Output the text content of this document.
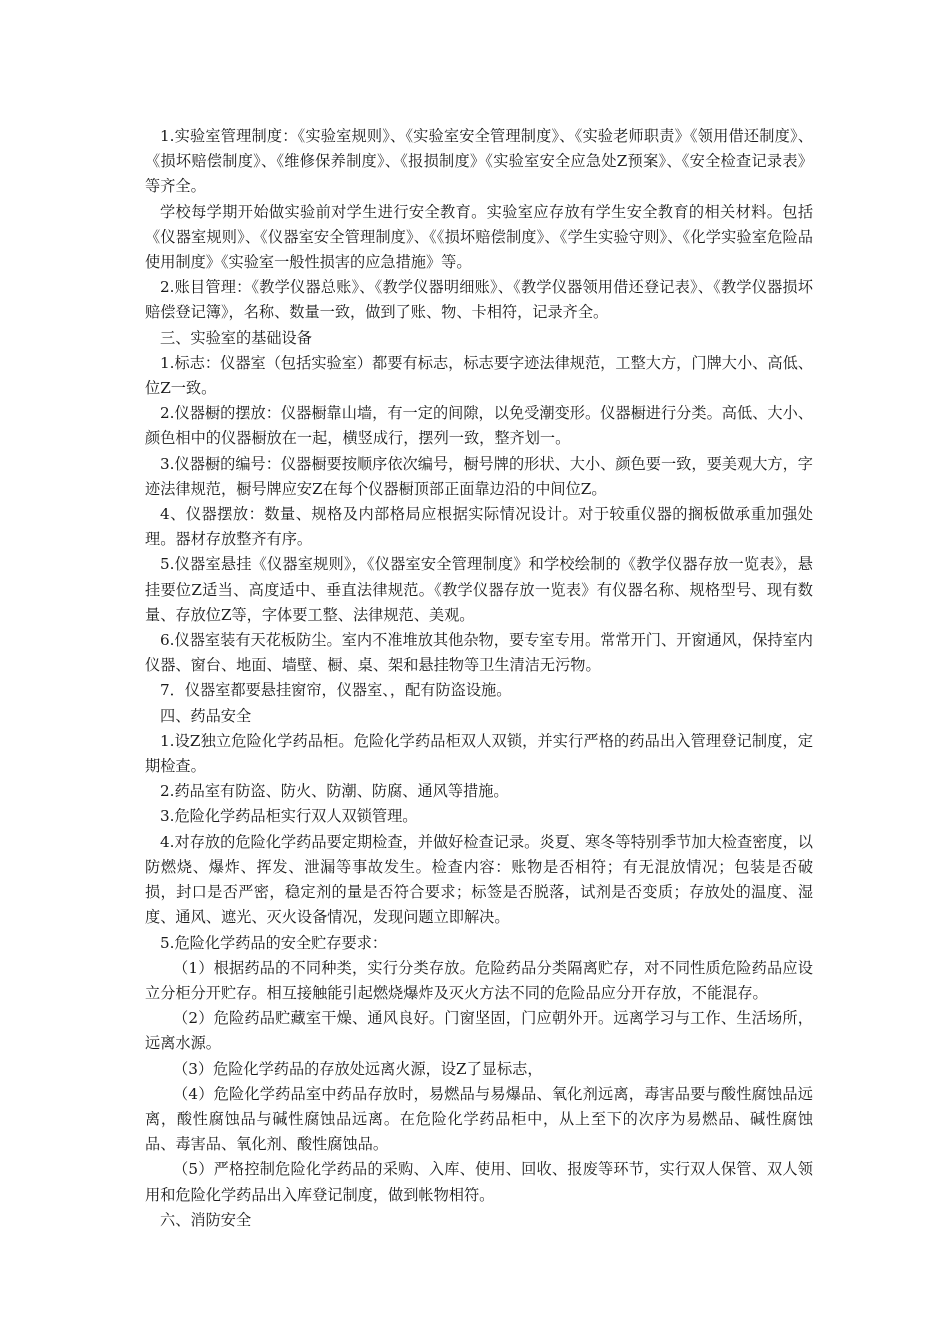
1.实验室管理制度：《实验室规则》、《实验室安全管理制度》、《实验老师职责》《领用借还制度》、《损坏赔偿制度》、《维修保养制度》、《报损制度》《实验室安全应急处Z预案》、《安全检查记录表》等齐全。

学校每学期开始做实验前对学生进行安全教育。实验室应存放有学生安全教育的相关材料。包括《仪器室规则》、《仪器室安全管理制度》、《《损坏赔偿制度》、《学生实验守则》、《化学实验室危险品使用制度》《实验室一般性损害的应急措施》等。

2.账目管理：《教学仪器总账》、《教学仪器明细账》、《教学仪器领用借还登记表》、《教学仪器损坏赔偿登记簿》，名称、数量一致，做到了账、物、卡相符，记录齐全。

三、实验室的基础设备

1.标志：仪器室（包括实验室）都要有标志，标志要字迹法律规范，工整大方，门牌大小、高低、位Z一致。

2.仪器橱的摆放：仪器橱靠山墙，有一定的间隙，以免受潮变形。仪器橱进行分类。高低、大小、颜色相中的仪器橱放在一起，横竖成行，摆列一致，整齐划一。

3.仪器橱的编号：仪器橱要按顺序依次编号，橱号牌的形状、大小、颜色要一致，要美观大方，字迹法律规范，橱号牌应安Z在每个仪器橱顶部正面靠边沿的中间位Z。

4、仪器摆放：数量、规格及内部格局应根据实际情况设计。对于较重仪器的搁板做承重加强处理。器材存放整齐有序。

5.仪器室悬挂《仪器室规则》，《仪器室安全管理制度》和学校绘制的《教学仪器存放一览表》，悬挂要位Z适当、高度适中、垂直法律规范。《教学仪器存放一览表》有仪器名称、规格型号、现有数量、存放位Z等，字体要工整、法律规范、美观。

6.仪器室装有天花板防尘。室内不准堆放其他杂物，要专室专用。常常开门、开窗通风，保持室内仪器、窗台、地面、墙壁、橱、桌、架和悬挂物等卫生清洁无污物。

7．仪器室都要悬挂窗帘，仪器室、，配有防盗设施。

四、药品安全

1.设Z独立危险化学药品柜。危险化学药品柜双人双锁，并实行严格的药品出入管理登记制度，定期检查。

2.药品室有防盗、防火、防潮、防腐、通风等措施。

3.危险化学药品柜实行双人双锁管理。

4.对存放的危险化学药品要定期检查，并做好检查记录。炎夏、寒冬等特别季节加大检查密度，以防燃烧、爆炸、挥发、泄漏等事故发生。检查内容：账物是否相符；有无混放情况；包装是否破损，封口是否严密，稳定剂的量是否符合要求；标签是否脱落，试剂是否变质；存放处的温度、湿度、通风、遮光、灭火设备情况，发现问题立即解决。

5.危险化学药品的安全贮存要求：

（1）根据药品的不同种类，实行分类存放。危险药品分类隔离贮存，对不同性质危险药品应设立分柜分开贮存。相互接触能引起燃烧爆炸及灭火方法不同的危险品应分开存放，不能混存。

（2）危险药品贮藏室干燥、通风良好。门窗坚固，门应朝外开。远离学习与工作、生活场所，远离水源。

（3）危险化学药品的存放处远离火源，设Z了显标志，

（4）危险化学药品室中药品存放时，易燃品与易爆品、氧化剂远离，毒害品要与酸性腐蚀品远离，酸性腐蚀品与碱性腐蚀品远离。在危险化学药品柜中，从上至下的次序为易燃品、碱性腐蚀品、毒害品、氧化剂、酸性腐蚀品。

（5）严格控制危险化学药品的采购、入库、使用、回收、报废等环节，实行双人保管、双人领用和危险化学药品出入库登记制度，做到帐物相符。

六、消防安全
